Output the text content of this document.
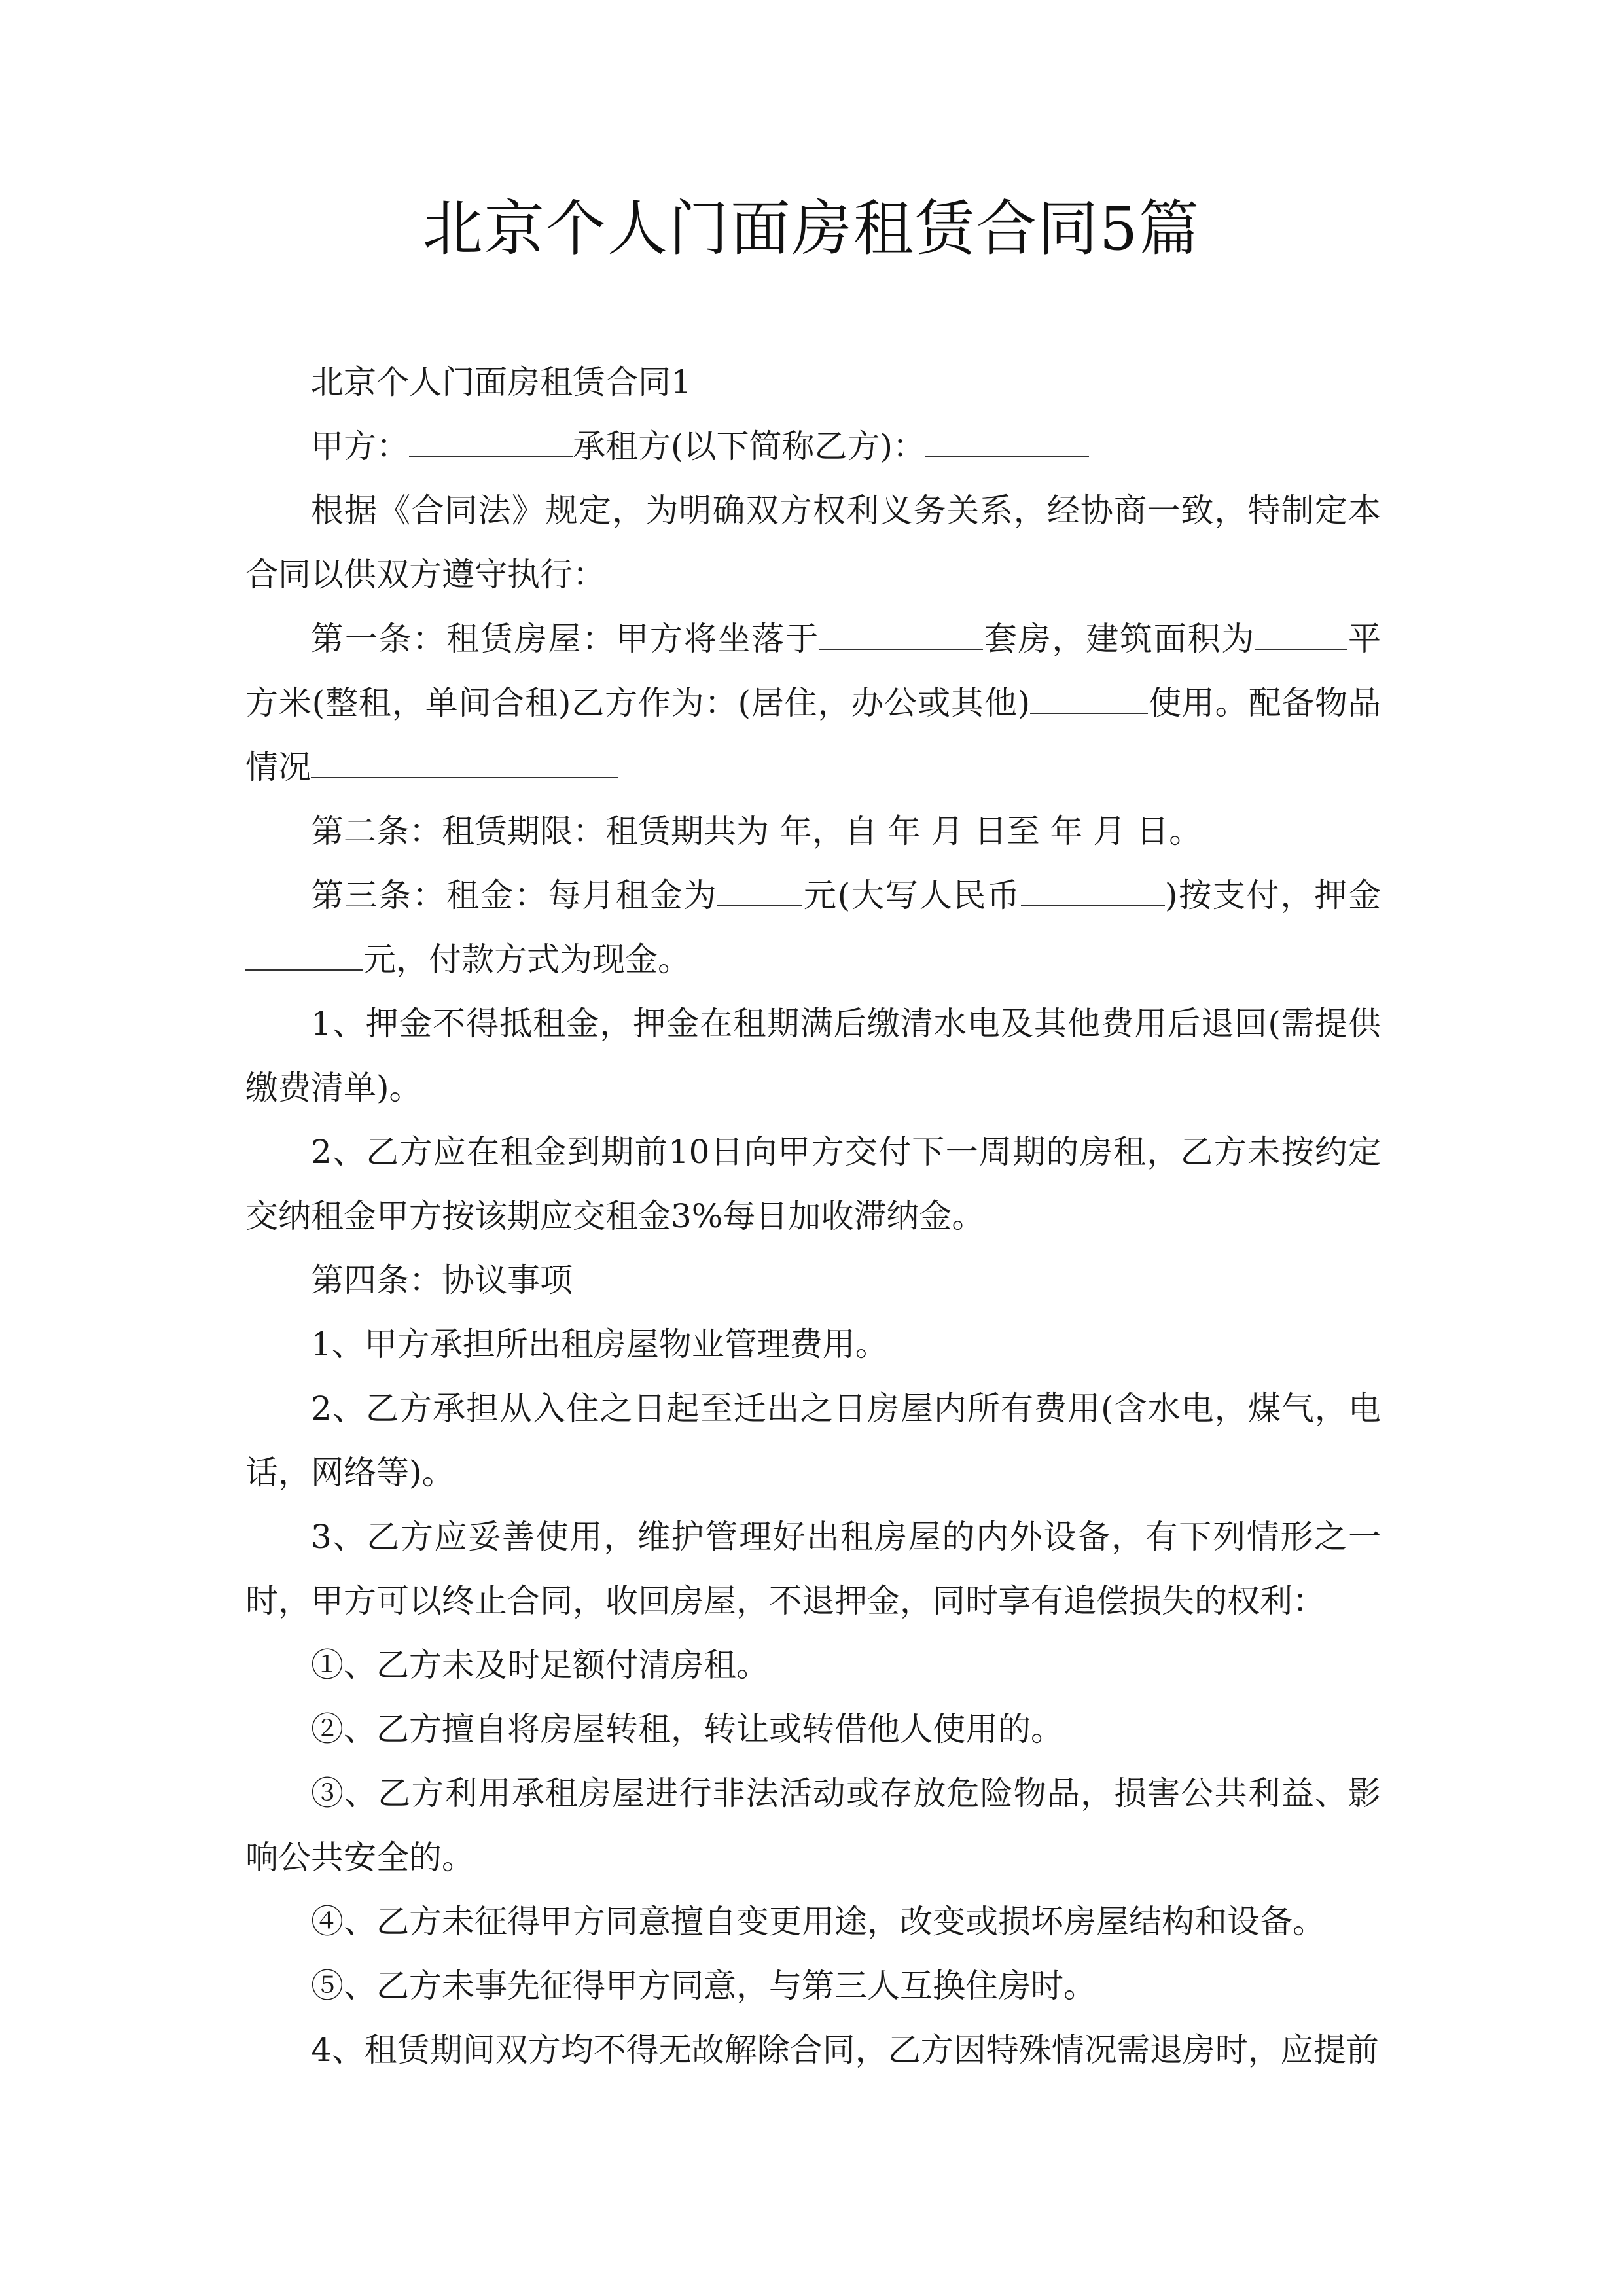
北京个人门面房租赁合同5篇

北京个人门面房租赁合同1

甲方：	承租方(以下简称乙方)：

根据《合同法》规定，为明确双方权利义务关系，经协商一致，特制定本合同以供双方遵守执行：

第一条：租赁房屋：甲方将坐落于	套房，建筑面积为	平方米(整租，单间合租)乙方作为：(居住，办公或其他)	使用。配备物品情况

第二条：租赁期限：租赁期共为 年，自 年 月 日至 年 月 日。

第三条：租金：每月租金为	元(大写人民币	)按支付，押金元，付款方式为现金。

1、押金不得抵租金，押金在租期满后缴清水电及其他费用后退回(需提供缴费清单)。

2、乙方应在租金到期前10日向甲方交付下一周期的房租，乙方未按约定交纳租金甲方按该期应交租金3%每日加收滞纳金。

第四条：协议事项

1、甲方承担所出租房屋物业管理费用。

2、乙方承担从入住之日起至迁出之日房屋内所有费用(含水电，煤气，电话，网络等)。

3、乙方应妥善使用，维护管理好出租房屋的内外设备，有下列情形之一时，甲方可以终止合同，收回房屋，不退押金，同时享有追偿损失的权利：

①、乙方未及时足额付清房租。

②、乙方擅自将房屋转租，转让或转借他人使用的。

③、乙方利用承租房屋进行非法活动或存放危险物品，损害公共利益、影响公共安全的。

④、乙方未征得甲方同意擅自变更用途，改变或损坏房屋结构和设备。

⑤、乙方未事先征得甲方同意，与第三人互换住房时。

4、租赁期间双方均不得无故解除合同，乙方因特殊情况需退房时，应提前
